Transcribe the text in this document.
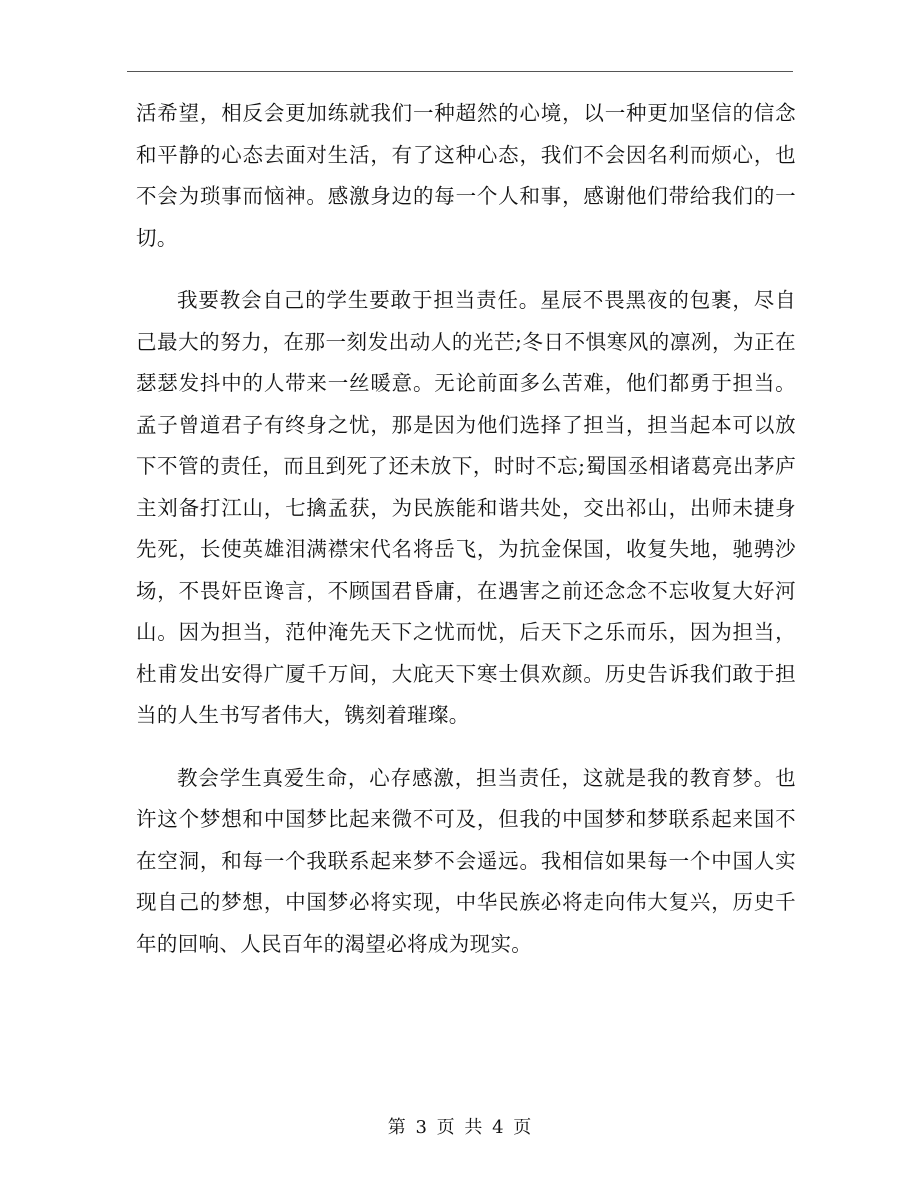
活希望，相反会更加练就我们一种超然的心境，以一种更加坚信的信念和平静的心态去面对生活，有了这种心态，我们不会因名利而烦心，也不会为琐事而恼神。感激身边的每一个人和事，感谢他们带给我们的一切。

我要教会自己的学生要敢于担当责任。星辰不畏黑夜的包裹，尽自己最大的努力，在那一刻发出动人的光芒;冬日不惧寒风的凛冽，为正在瑟瑟发抖中的人带来一丝暖意。无论前面多么苦难，他们都勇于担当。孟子曾道君子有终身之忧，那是因为他们选择了担当，担当起本可以放下不管的责任，而且到死了还未放下，时时不忘;蜀国丞相诸葛亮出茅庐主刘备打江山，七擒孟获，为民族能和谐共处，交出祁山，出师未捷身先死，长使英雄泪满襟宋代名将岳飞，为抗金保国，收复失地，驰骋沙场，不畏奸臣谗言，不顾国君昏庸，在遇害之前还念念不忘收复大好河山。因为担当，范仲淹先天下之忧而忧，后天下之乐而乐，因为担当，杜甫发出安得广厦千万间，大庇天下寒士俱欢颜。历史告诉我们敢于担当的人生书写者伟大，镌刻着璀璨。

教会学生真爱生命，心存感激，担当责任，这就是我的教育梦。也许这个梦想和中国梦比起来微不可及，但我的中国梦和梦联系起来国不在空洞，和每一个我联系起来梦不会遥远。我相信如果每一个中国人实现自己的梦想，中国梦必将实现，中华民族必将走向伟大复兴，历史千年的回响、人民百年的渴望必将成为现实。

第 3 页 共 4 页
